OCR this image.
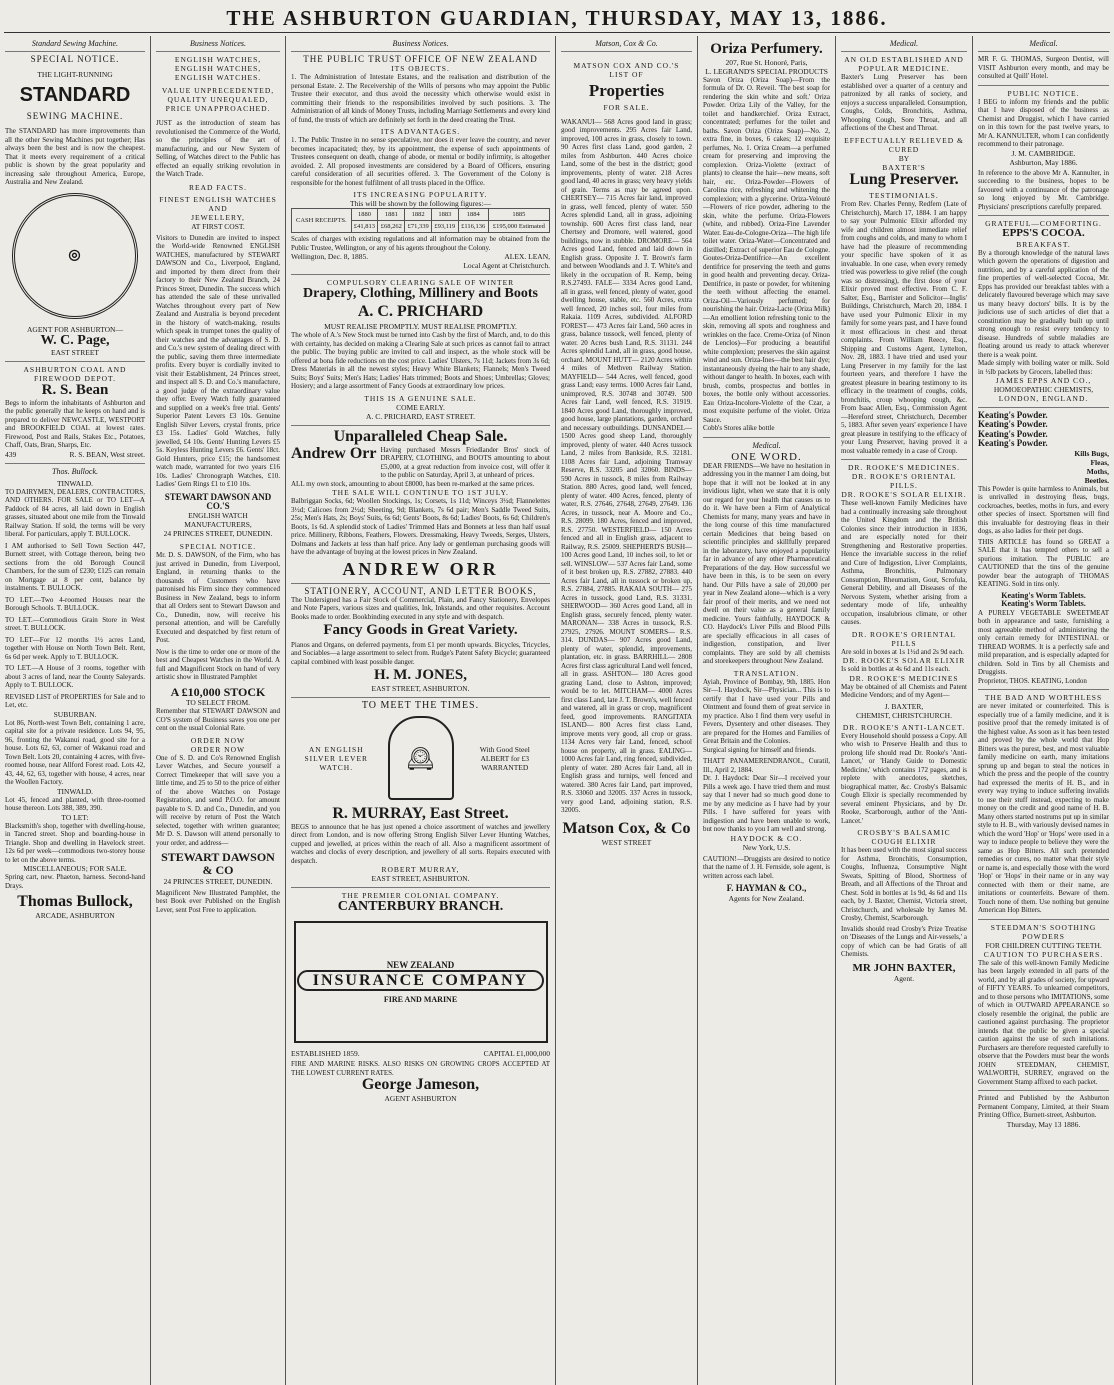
THE ASHBURTON GUARDIAN, THURSDAY, MAY 13, 1886.
Standard Sewing Machine.
SPECIAL NOTICE.
THE LIGHT-RUNNING
STANDARD
SEWING MACHINE.
The STANDARD has more improvements than all the other Sewing Machines put together; Has always been the best and is now the cheapest. That it meets every requirement of a critical public is shown by the great popularity and increasing sale throughout America, Europe, Australia and New Zealand.
◎
AGENT FOR ASHBURTON—
W. C. Page,
EAST STREET
ASHBURTON COAL AND FIREWOOD DEPOT.
R. S. Bean
Begs to inform the inhabitants of Ashburton and the public generally that he keeps on hand and is prepared to deliver NEWCASTLE, WESTPORT and BROOKFIELD COAL at lowest rates. Firewood, Post and Rails, Stakes Etc., Potatoes, Chaff, Oats, Bran, Sharps, Etc.
439	R. S. BEAN, West street.
Thos. Bullock.
TINWALD.
TO DAIRYMEN, DEALERS, CONTRACTORS, AND OTHERS. FOR SALE or TO LET—A Paddock of 84 acres, all laid down in English grasses, situated about one mile from the Tinwald Railway Station. If sold, the terms will be very liberal. For particulars, apply T. BULLOCK.
I AM authorised to Sell Town Section 447, Burnett street, with Cottage thereon, being two sections from the old Borough Council Chambers, for the sum of £230; £125 can remain on Mortgage at 8 per cent, balance by instalments. T. BULLOCK.
TO LET.—Two 4-roomed Houses near the Borough Schools. T. BULLOCK.
TO LET.—Commodious Grain Store in West street. T. BULLOCK.
TO LET—For 12 months 1½ acres Land, together with House on North Town Belt. Rent, 6s 6d per week. Apply to T. BULLOCK.
TO LET.—A House of 3 rooms, together with about 3 acres of land, near the County Saleyards. Apply to T. BULLOCK.
REVISED LIST of PROPERTIES for Sale and to Let, etc.
SUBURBAN.
Lot 86, North-west Town Belt, containing 1 acre, capital site for a private residence. Lots 94, 95, 96, fronting the Wakanui road, good site for a house. Lots 62, 63, corner of Wakanui road and Town Belt. Lots 20, containing 4 acres, with five-roomed house, near Allford Forest road. Lots 42, 43, 44, 62, 63, together with house, 4 acres, near the Woollen Factory.
TINWALD.
Lot 45, fenced and planted, with three-roomed house thereon. Lots 388, 389, 390.
TO LET:
Blacksmith's shop, together with dwelling-house, in Tancred street. Shop and boarding-house in Triangle. Shop and dwelling in Havelock street. 12s 6d per week—commodious two-storey house to let on the above terms.
MISCELLANEOUS; FOR SALE.
Spring cart, new. Phaeton, harness. Second-hand Drays.
Thomas Bullock,
ARCADE, ASHBURTON
Business Notices.
ENGLISH WATCHES,
ENGLISH WATCHES,
ENGLISH WATCHES.
VALUE UNPRECEDENTED,
QUALITY UNEQUALED,
PRICE UNAPPROACHED.
JUST as the introduction of steam has revolutionised the Commerce of the World, so the principles of the art of manufacturing, and our New System of Selling, of Watches direct to the Public has effected an equally striking revolution in the Watch Trade.
READ FACTS.
FINEST ENGLISH WATCHES AND
JEWELLERY,
AT FIRST COST.
Visitors to Dunedin are invited to inspect the World-wide Renowned ENGLISH WATCHES, manufactured by STEWART DAWSON and Co., Liverpool, England, and imported by them direct from their factory to their New Zealand Branch, 24 Princes Street, Dunedin. The success which has attended the sale of these unrivalled Watches throughout every part of New Zealand and Australia is beyond precedent in the history of watch-making, results which speak in trumpet tones the quality of their watches and the advantages of S. D. and Co.'s new system of dealing direct with the public, saving them three intermediate profits. Every buyer is cordially invited to visit their Establishment, 24 Princes street, and inspect all S. D. and Co.'s manufacture, a good judge of the extraordinary value they offer. Every Watch fully guaranteed and supplied on a week's free trial. Gents' Superior Patent Levers £3 10s. Genuine English Silver Levers, crystal fronts, price £3 15s. Ladies' Gold Watches, fully jewelled, £4 10s. Gents' Hunting Levers £5 5s. Keyless Hunting Levers £6. Gents' 18ct. Gold Hunters, price £15; the handsomest watch made, warranted for two years £16 10s. Ladies' Chronograph Watches, £10. Ladies' Gem Rings £1 to £10 10s.
STEWART DAWSON AND CO.'S
ENGLISH WATCH MANUFACTURERS,
24 PRINCES STREET, DUNEDIN.
SPECIAL NOTICE.
Mr. D. S. DAWSON, of the Firm, who has just arrived in Dunedin, from Liverpool, England, in returning thanks to the thousands of Customers who have patronised his Firm since they commenced Business in New Zealand, begs to inform that all Orders sent to Stewart Dawson and Co., Dunedin, now, will receive his personal attention, and will be Carefully Executed and despatched by first return of Post.
Now is the time to order one or more of the best and Cheapest Watches in the World. A full and Magnificent Stock on hand of very artistic show in Illustrated Pamphlet
A £10,000 STOCK
TO SELECT FROM.
Remember that STEWART DAWSON and CO'S system of Business saves you one per cent on the usual Colonial Rate.
ORDER NOW
ORDER NOW
One of S. D. and Co's Renowned English Lever Watches, and Secure yourself a Correct Timekeeper that will save you a little time, and 25 to 50 to the price of either of the above Watches on Postage Registration, and send P.O.O. for amount payable to S. D. and Co., Dunedin, and you will receive by return of Post the Watch selected, together with written guarantee; Mr D. S. Dawson will attend personally to your order, and address—
STEWART DAWSON & CO
24 PRINCES STREET, DUNEDIN.
Magnificent New Illustrated Pamphlet, the best Book ever Published on the English Lever, sent Post Free to application.
Business Notices.
THE PUBLIC TRUST OFFICE OF NEW ZEALAND
ITS OBJECTS.
1. The Administration of Intestate Estates, and the realisation and distribution of the personal Estate. 2. The Receivership of the Wills of persons who may appoint the Public Trustee their executor, and thus avoid the necessity which otherwise would exist in committing their friends to the responsibilities involved by such positions. 3. The Administration of all kinds of Money Trusts, including Marriage Settlements and every kind of fund, the trusts of which are definitely set forth in the deed creating the Trust.
ITS ADVANTAGES.
1. The Public Trustee in no sense speculative, nor does it ever leave the country, and never becomes incapacitated; they, by its appointment, the expense of such appointments of Trustees consequent on death, change of abode, or mental or bodily infirmity, is altogether avoided. 2. All proposed investments are considered by a Board of Officers, ensuring careful consideration of all securities offered. 3. The Government of the Colony is responsible for the honest fulfilment of all trusts placed in the Office.
ITS INCREASING POPULARITY.
This will be shown by the following figures:—
CASH RECEIPTS.	1880	1881	1882	1883	1884	1885
	£41,813	£68,262	£71,339	£93,119	£116,136	£195,000 Estimated
Scales of charges with existing regulations and all information may be obtained from the Public Trustee, Wellington, or any of his agents throughout the Colony.
Wellington, Dec. 8, 1885.	ALEX. LEAN,
Local Agent at Christchurch.
COMPULSORY CLEARING SALE OF WINTER
Drapery, Clothing, Millinery and Boots
A. C. PRICHARD
MUST REALISE PROMPTLY. MUST REALISE PROMPTLY.
The whole of A.'s New Stock must be turned into Cash by the first of March, and, to do this with certainty, has decided on making a Clearing Sale at such prices as cannot fail to attract the public. The buying public are invited to call and inspect, as the whole stock will be offered at bona fide reductions on the cost price. Ladies' Ulsters, 7s 11d; Jackets from 3s 6d; Dress Materials in all the newest styles; Heavy White Blankets; Flannels; Men's Tweed Suits; Boys' Suits; Men's Hats; Ladies' Hats trimmed; Boots and Shoes; Umbrellas; Gloves; Hosiery; and a large assortment of Fancy Goods at extraordinary low prices.
THIS IS A GENUINE SALE.
COME EARLY.
A. C. PRICHARD, EAST STREET.
Unparalleled Cheap Sale.
Andrew Orr Having purchased Messrs Friedlander Bros' stock of DRAPERY, CLOTHING, and BOOTS amounting to about £5,000, at a great reduction from invoice cost, will offer it to the public on Saturday, April 3, at unheard of prices.
ALL my own stock, amounting to about £8000, has been re-marked at the same prices.
THE SALE WILL CONTINUE TO 1ST JULY.
Balbriggan Socks, 6d; Woollen Stockings, 1s; Corsets, 1s 11d; Winceys 3½d; Flannelettes 3½d; Calicoes from 2½d; Sheeting, 9d; Blankets, 7s 6d pair; Men's Saddle Tweed Suits, 25s; Men's Hats, 2s; Boys' Suits, 6s 6d; Gents' Boots, 8s 6d; Ladies' Boots, 6s 6d; Children's Boots, 1s 6d. A splendid stock of Ladies' Trimmed Hats and Bonnets at less than half usual price. Millinery, Ribbons, Feathers, Flowers. Dressmaking, Heavy Tweeds, Serges, Ulsters, Dolmans and Jackets at less than half price. Any lady or gentleman purchasing goods will have the advantage of buying at the lowest prices in New Zealand.
ANDREW ORR
STATIONERY, ACCOUNT, AND LETTER BOOKS,
The Undersigned has a Fair Stock of Commercial, Plain, and Fancy Stationery, Envelopes and Note Papers, various sizes and qualities, Ink, Inkstands, and other requisites. Account Books made to order. Bookbinding executed in any style and with despatch.
Fancy Goods in Great Variety.
Pianos and Organs, on deferred payments, from £1 per month upwards. Bicycles, Tricycles, and Sociables—a large assortment to select from. Rudge's Patent Safety Bicycle; guaranteed capital combined with least possible danger.
H. M. JONES,
EAST STREET, ASHBURTON.
TO MEET THE TIMES.
AN ENGLISH
SILVER LEVER
WATCH.	🕰	With Good Steel
ALBERT for £3
WARRANTED
R. MURRAY, East Street.
BEGS to announce that he has just opened a choice assortment of watches and jewellery direct from London, and is now offering Strong English Silver Lever Hunting Watches, cupped and jewelled, at prices within the reach of all. Also a magnificent assortment of watches and clocks of every description, and jewellery of all sorts. Repairs executed with despatch.
ROBERT MURRAY,
EAST STREET, ASHBURTON.
THE PREMIER COLONIAL COMPANY.
CANTERBURY BRANCH.
NEW ZEALAND
INSURANCE COMPANY
FIRE AND MARINE
ESTABLISHED 1859.	CAPITAL £1,000,000
FIRE AND MARINE RISKS. ALSO RISKS ON GROWING CROPS ACCEPTED AT THE LOWEST CURRENT RATES.
George Jameson,
AGENT ASHBURTON
Matson, Cox & Co.
MATSON COX AND CO.'S
LIST OF
Properties
FOR SALE.
WAKANUI— 568 Acres good land in grass; good improvements. 295 Acres fair Land, improved, 100 acres in grass, closely to town. 90 Acres first class Land, good garden, 2 miles from Ashburton. 440 Acres choice Land, some of the best in the district; good improvements, plenty of water. 218 Acres good land, 40 acres in grass; very heavy yields of grain. Terms as may be agreed upon. CHERTSEY— 715 Acres fair land, improved in grass, well fenced, plenty of water. 550 Acres splendid Land, all in grass, adjoining township. 600 Acres first class land, near Chertsey and Dromore, well watered, good buildings, now in stubble. DROMORE— 564 Acres good Land, fenced and laid down in English grass. Opposite J. T. Brown's farm and between Woodlands and J. T. White's and likely in the occupation of R. Kemp, being R.S.27493. FALE— 3334 Acres good Land, all in grass, well fenced, plenty of water, good dwelling house, stable, etc. 560 Acres, extra well fenced, 20 inches soil, four miles from Rakaia. 1109 Acres, subdivided. ALFORD FOREST— 473 Acres fair Land, 560 acres in grass, balance tussock, well fenced, plenty of water. 20 Acres bush Land, R.S. 31131. 244 Acres splendid Land, all in grass, good house, orchard. MOUNT HUTT— 2120 Acres within 4 miles of Methven Railway Station. MAYFIELD— 544 Acres, well fenced, good grass Land; easy terms. 1000 Acres fair Land, unimproved, R.S. 30748 and 30749. 500 Acres fair Land, well fenced, R.S. 31919. 1840 Acres good Land, thoroughly improved, good house, large plantations, garden, orchard and necessary outbuildings. DUNSANDEL— 1500 Acres good sheep Land, thoroughly improved, plenty of water. 440 Acres tussock Land, 2 miles from Bankside, R.S. 32181. 1108 Acres fair Land, adjoining Tramway Reserve, R.S. 33205 and 32060. BINDS— 590 Acres in tussock, 8 miles from Railway Station. 880 Acres, good land, well fenced, plenty of water. 400 Acres, fenced, plenty of water, R.S. 27646, 27648, 27649, 27649. 136 Acres, in tussock, near A. Moore and Co., R.S. 28099. 180 Acres, fenced and improved, R.S. 27750. WESTERFIELD— 150 Acres fenced and all in English grass, adjacent to Railway, R.S. 25009. SHEPHERD'S BUSH— 100 Acres good Land, 10 inches soil, to let or sell. WINSLOW— 537 Acres fair Land, some of it best broken up, R.S. 27882, 27883. 440 Acres fair Land, all in tussock or broken up, R.S. 27884, 27885. RAKAIA SOUTH— 275 Acres in tussock, good Land, R.S. 31331. SHERWOOD— 360 Acres good Land, all in English grass, securely fenced, plenty water. MARONAN— 338 Acres in tussock, R.S. 27925, 27926. MOUNT SOMERS— R.S. 314. DUNDAS— 907 Acres good Land, plenty of water, splendid, improvements, plantation, etc. in grass. BARRHILL— 2808 Acres first class agricultural Land well fenced, all in grass. ASHTON— 180 Acres good grazing Land, close to Ashton, improved; would be to let. MITCHAM— 4000 Acres first class Land, late J. T. Brown's, well fenced and watered, all in grass or crop, magnificent feed, good improvements. RANGITATA ISLAND— 800 Acres first class Land, improve ments very good, all crop or grass. 1134 Acres very fair Land, fenced, school house on property, all in grass. EALING— 1000 Acres fair Land, ring fenced, subdivided, plenty of water. 280 Acres fair Land, all in English grass and turnips, well fenced and watered. 380 Acres fair Land, part improved, R.S. 33060 and 32005. 337 Acres in tussock, very good Land, adjoining station, R.S. 32005.
Matson Cox, & Co
WEST STREET
Oriza Perfumery.
207, Rue St. Honoré, Paris,
L. LEGRAND'S SPECIAL PRODUCTS
Savon Oriza (Oriza Soap)—From the formula of Dr. O. Reveil. 'The best soap for rendering the skin white and soft.' Oriza Powder. Oriza Lily of the Valley, for the toilet and handkerchief. Oriza Extract, concentrated; perfumes for the toilet and baths. Savon Oriza (Oriza Soap)—No. 2, extra fine, in boxes, 6 cakes; 12 exquisite perfumes, No. 1. Oriza Cream—a perfumed cream for preserving and improving the complexion. Oriza-Violette (extract of plants) to cleanse the hair—new means, soft hair, etc. Oriza-Powder—Flowers of Carolina rice, refreshing and whitening the complexion; with a glycerine. Oriza-Velouté—Flowers of rice powder, adhering to the skin, white the perfume. Oriza-Flowers (white, and rubbed). Oriza-Fine Lavender Water. Eau-de-Cologne-Oriza—The high life toilet water. Oriza-Water—Concentrated and distilled; Extract of superior Eau de Cologne. Goutes-Oriza-Dentifrice—An excellent dentifrice for preserving the teeth and gums in good health and preventing decay. Oriza-Dentifrice, in paste or powder, for whitening the teeth without affecting the enamel. Oriza-Oil—Variously perfumed; for nourishing the hair. Oriza-Lacte (Oriza Milk)—An emollient lotion refreshing tonic to the skin, removing all spots and roughness and wrinkles on the face. Creme-Oriza (of Ninon de Lenclos)—For producing a beautiful white complexion; preserves the skin against wind and sun. Oriza-Ines—the best hair dye; instantaneously dyeing the hair to any shade, without danger to health. In boxes, each with brush, combs, prospectus and bottles in boxes, the bottle only without accessories. Eau Oriza-Incolore-Violette of the Czar, a most exquisite perfume of the violet. Oriza Sauce.
Cobb's Stores alike bottle
Medical.
ONE WORD.
DEAR FRIENDS—We have no hesitation in addressing you in the manner I am doing, but hope that it will not be looked at in any invidious light, when we state that it is only our regard for your health that causes us to do it. We have been a Firm of Analytical Chemists for many, many years and have in the long course of this time manufactured certain Medicines that being based on scientific principles and skillfully prepared in the laboratory, have enjoyed a popularity far in advance of any other Pharmaceutical Preparations of the day. How successful we have been in this, is to be seen on every hand. Our Pills have a sale of 20,000 per year in New Zealand alone—which is a very fair proof of their merits, and we need not dwell on their value as a general family medicine. Yours faithfully, HAYDOCK & CO. Haydock's Liver Pills and Blood Pills are specially efficacious in all cases of indigestion, constipation, and liver complaints. They are sold by all chemists and storekeepers throughout New Zealand.
TRANSLATION.
Ayiah, Province of Bombay, 9th, 1885. Hon Sir—I. Haydock, Sir—Physician... This is to certify that I have used your Pills and Ointment and found them of great service in my practice. Also I find them very useful in Fevers, Dysentery and other diseases. They are prepared for the Homes and Families of Great Britain and the Colonies.
Surgical signing for himself and friends.
THATT PANAMERENDRANOL, Curatil, Ill., April 2, 1884.
Dr. J. Haydock: Dear Sir—I received your Pills a week ago. I have tried them and must say that I never had so much good done to me by any medicine as I have had by your Pills. I have suffered for years with indigestion and have been unable to work, but now thanks to you I am well and strong.
HAYDOCK & CO.
New York, U.S.
CAUTION!—Druggists are desired to notice that the name of J. H. Fernside, sole agent, is written across each label.
F. HAYMAN & CO.,
Agents for New Zealand.
Medical.
AN OLD ESTABLISHED AND POPULAR MEDICINE.
Baxter's Lung Preserver has been established over a quarter of a century and patronized by all ranks of society, and enjoys a success unparalleled. Consumption, Coughs, Colds, Bronchitis, Asthma, Whooping Cough, Sore Throat, and all affections of the Chest and Throat.
EFFECTUALLY RELIEVED & CURED
BY
BAXTER'S
Lung Preserver.
TESTIMONIALS.
From Rev. Charles Penny, Redfern (Late of Christchurch), March 17, 1884. I am happy to say your Pulmonic Elixir afforded my wife and children almost immediate relief from coughs and colds, and many to whom I have had the pleasure of recommending your specific have spoken of it as invaluable. In one case, when every remedy tried was powerless to give relief (the cough was so distressing), the first dose of your Elixir proved most effective. From C. F. Salter, Esq., Barrister and Solicitor—Inglis' Buildings, Christchurch, March 20, 1884. I have used your Pulmonic Elixir in my family for some years past, and I have found it most efficacious in chest and throat complaints. From William Reece, Esq., Shipping and Customs Agent, Lyttelton, Nov. 28, 1883. I have tried and used your Lung Preserver in my family for the last fourteen years, and therefore I have the greatest pleasure in bearing testimony to its efficacy in the treatment of coughs, colds, bronchitis, croup whooping cough, &c. From Isaac Allen, Esq., Commission Agent—Hereford street, Christchurch, December 5, 1883. After seven years' experience I have great pleasure in testifying to the efficacy of your Lung Preserver, having proved it a most valuable remedy in a case of Croup.
DR. ROOKE'S MEDICINES.
DR. ROOKE'S ORIENTAL PILLS.
DR. ROOKE'S SOLAR ELIXIR.
These well-known Family Medicines have had a continually increasing sale throughout the United Kingdom and the British Colonies since their introduction in 1836, and are especially noted for their Strengthening and Restorative properties. Hence the invariable success in the relief and Cure of Indigestion, Liver Complaints, Asthma, Bronchitis, Pulmonary Consumption, Rheumatism, Gout, Scrofula, General Debility, and all Diseases of the Nervous System, whether arising from a sedentary mode of life, unhealthy occupation, insalubrious climate, or other causes.
DR. ROOKE'S ORIENTAL PILLS
Are sold in boxes at 1s 1½d and 2s 9d each.
DR. ROOKE'S SOLAR ELIXIR
Is sold in bottles at 4s 6d and 11s each.
DR. ROOKE'S MEDICINES
May be obtained of all Chemists and Patent Medicine Vendors; and of my Agent—
J. BAXTER,
CHEMIST, CHRISTCHURCH.
DR. ROOKE'S ANTI-LANCET.
Every Household should possess a Copy. All who wish to Preserve Health and thus to prolong life should read Dr. Rooke's 'Anti-Lancet,' or 'Handy Guide to Domestic Medicine,' which contains 172 pages, and is replete with anecdotes, sketches, biographical matter, &c. Crosby's Balsamic Cough Elixir is specially recommended by several eminent Physicians, and by Dr. Rooke, Scarborough, author of the 'Anti-Lancet.'
CROSBY'S BALSAMIC COUGH ELIXIR
It has been used with the most signal success for Asthma, Bronchitis, Consumption, Coughs, Influenza, Consumptive Night Sweats, Spitting of Blood, Shortness of Breath, and all Affections of the Throat and Chest. Sold in bottles at 1s 9d, 4s 6d and 11s each, by J. Baxter, Chemist, Victoria street, Christchurch, and wholesale by James M. Crosby, Chemist, Scarborough.
Invalids should read Crosby's Prize Treatise on 'Diseases of the Lungs and Air-vessels,' a copy of which can be had Gratis of all Chemists.
MR JOHN BAXTER,
Agent.
Medical.
MR F. G. THOMAS, Surgeon Dentist, will VISIT Ashburton every month, and may be consulted at Quill' Hotel.
PUBLIC NOTICE.
I BEG to inform my friends and the public that I have disposed of the business as Chemist and Druggist, which I have carried on in this town for the past twelve years, to Mr A. KANNULTER, whom I can confidently recommend to their patronage.
J. M. CAMBRIDGE.
Ashburton, May 1886.
In reference to the above Mr A. Kannulter, in succeeding to the business, hopes to be favoured with a continuance of the patronage so long enjoyed by Mr. Cambridge. Physicians' prescriptions carefully prepared.
GRATEFUL—COMFORTING.
EPPS'S COCOA.
BREAKFAST.
By a thorough knowledge of the natural laws which govern the operations of digestion and nutrition, and by a careful application of the fine properties of well-selected Cocoa, Mr. Epps has provided our breakfast tables with a delicately flavoured beverage which may save us many heavy doctors' bills. It is by the judicious use of such articles of diet that a constitution may be gradually built up until strong enough to resist every tendency to disease. Hundreds of subtle maladies are floating around us ready to attack wherever there is a weak point.
Made simply with boiling water or milk. Sold in ½lb packets by Grocers, labelled thus:
JAMES EPPS AND CO.,
HOMOEOPATHIC CHEMISTS,
LONDON, ENGLAND.
Keating's Powder.
Keating's Powder.
Keating's Powder.
Keating's Powder.
Kills Bugs,
Fleas,
Moths,
Beetles.
This Powder is quite harmless to Animals, but is unrivalled in destroying fleas, bugs, cockroaches, beetles, moths in furs, and every other species of insect. Sportsmen will find this invaluable for destroying fleas in their dogs, as also ladies for their pet dogs.
THIS ARTICLE has found so GREAT a SALE that it has tempted others to sell a spurious imitation. The PUBLIC are CAUTIONED that the tins of the genuine powder bear the autograph of THOMAS KEATING. Sold in tins only.
Keating's Worm Tablets.
Keating's Worm Tablets.
A PURELY VEGETABLE SWEETMEAT both in appearance and taste, furnishing a most agreeable method of administering the only certain remedy for INTESTINAL or THREAD WORMS. It is a perfectly safe and mild preparation, and is especially adapted for children. Sold in Tins by all Chemists and Druggists.
Proprietor, THOS. KEATING, London
THE BAD AND WORTHLESS
are never imitated or counterfeited. This is especially true of a family medicine, and it is positive proof that the remedy imitated is of the highest value. As soon as it has been tested and proved by the whole world that Hop Bitters was the purest, best, and most valuable family medicine on earth, many imitations sprung up and began to steal the notices in which the press and the people of the country had expressed the merits of H. B., and in every way trying to induce suffering invalids to use their stuff instead, expecting to make money on the credit and good name of H. B. Many others started nostrums put up in similar style to H. B., with variously devised names in which the word 'Hop' or 'Hops' were used in a way to induce people to believe they were the same as Hop Bitters. All such pretended remedies or cures, no matter what their style or name is, and especially those with the word 'Hop' or 'Hops' in their name or in any way connected with them or their name, are imitations or counterfeits. Beware of them. Touch none of them. Use nothing but genuine American Hop Bitters.
STEEDMAN'S SOOTHING POWDERS
FOR CHILDREN CUTTING TEETH.
CAUTION TO PURCHASERS.
The sale of this well-known Family Medicine has been largely extended in all parts of the world, and by all grades of society, for upward of FIFTY YEARS. To unlearned competitors, and to those persons who IMITATIONS, some of which in OUTWARD APPEARANCE so closely resemble the original, the public are cautioned against purchasing. The proprietor intends that the public be given a special caution against the use of such imitations. Purchasers are therefore requested carefully to observe that the Powders must bear the words JOHN STEEDMAN, CHEMIST, WALWORTH, SURREY, engraved on the Government Stamp affixed to each packet.
Printed and Published by the Ashburton Permanent Company, Limited, at their Steam Printing Office, Burnett-street, Ashburton.
Thursday, May 13 1886.
